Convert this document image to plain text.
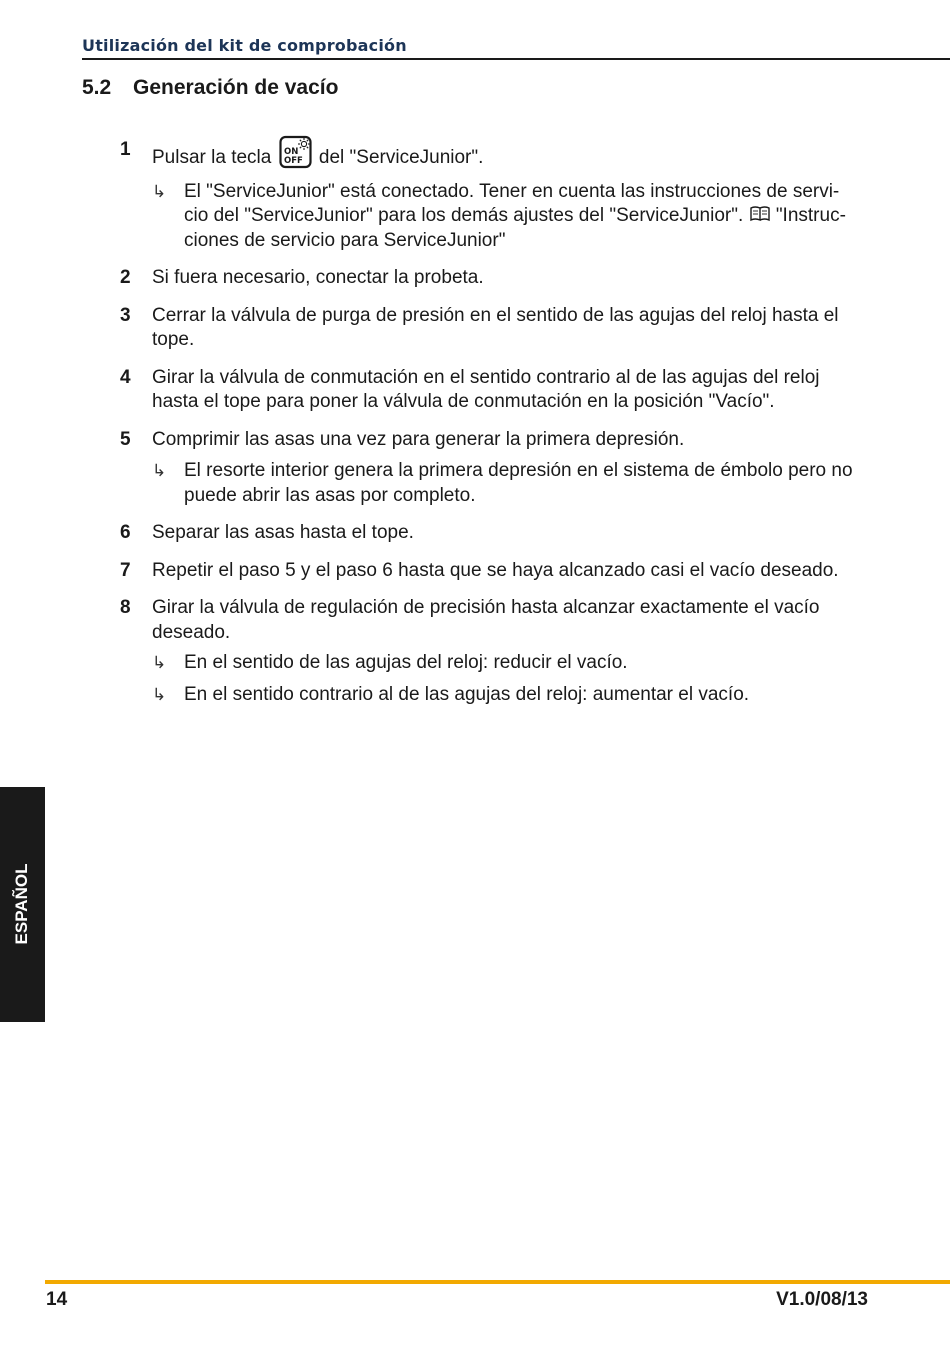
Utilización del kit de comprobación
5.2 Generación de vacío
1 Pulsar la tecla ON
OFF del "ServiceJunior".
↳ El "ServiceJunior" está conectado. Tener en cuenta las instrucciones de servi-
cio del "ServiceJunior" para los demás ajustes del "ServiceJunior". "Instruc-
ciones de servicio para ServiceJunior"
2 Si fuera necesario, conectar la probeta.
3 Cerrar la válvula de purga de presión en el sentido de las agujas del reloj hasta el
tope.
4 Girar la válvula de conmutación en el sentido contrario al de las agujas del reloj
hasta el tope para poner la válvula de conmutación en la posición "Vacío".
5 Comprimir las asas una vez para generar la primera depresión.
↳ El resorte interior genera la primera depresión en el sistema de émbolo pero no
puede abrir las asas por completo.
6 Separar las asas hasta el tope.
7 Repetir el paso 5 y el paso 6 hasta que se haya alcanzado casi el vacío deseado.
8 Girar la válvula de regulación de precisión hasta alcanzar exactamente el vacío
deseado.
↳ En el sentido de las agujas del reloj: reducir el vacío.
↳ En el sentido contrario al de las agujas del reloj: aumentar el vacío.
ESPAÑOL
14	V1.0/08/13
